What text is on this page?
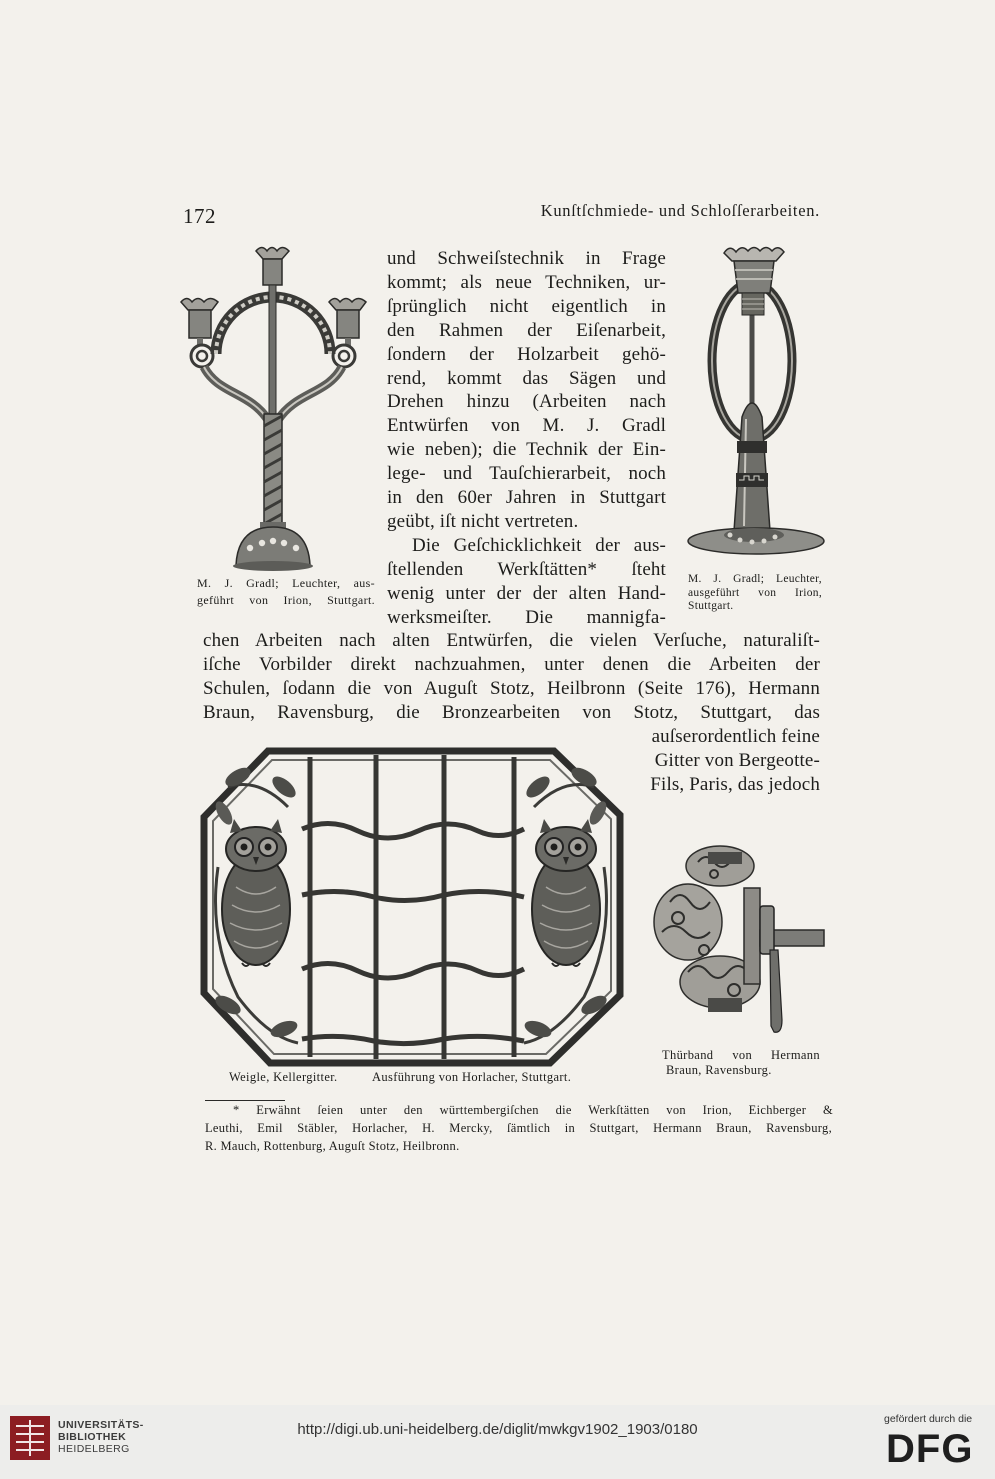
172	Kunſtſchmiede- und Schloſſerarbeiten.
und Schweiſstechnik in Frage
kommt; als neue Techniken, ur-
ſprünglich nicht eigentlich in
den Rahmen der Eiſenarbeit,
ſondern der Holzarbeit gehö-
rend, kommt das Sägen und
Drehen hinzu (Arbeiten nach
Entwürfen von M. J. Gradl
wie neben); die Technik der Ein-
lege- und Tauſchierarbeit, noch
in den 60er Jahren in Stuttgart
geübt, iſt nicht vertreten.
Die Geſchicklichkeit der aus-
ſtellenden Werkſtätten* ſteht
wenig unter der der alten Hand-
werksmeiſter. Die mannigfa-
chen Arbeiten nach alten Entwürfen, die vielen Verſuche, naturaliſt-
iſche Vorbilder direkt nachzuahmen, unter denen die Arbeiten der
Schulen, ſodann die von Auguſt Stotz, Heilbronn (Seite 176), Hermann
Braun, Ravensburg, die Bronzearbeiten von Stotz, Stuttgart, das
auſserordentlich feine
Gitter von Bergeotte-
Fils, Paris, das jedoch
M. J. Gradl; Leuchter, aus-
geführt von Irion, Stuttgart.
M. J. Gradl; Leuchter,
ausgeführt von Irion,
Stuttgart.
Weigle, Kellergitter.	Ausführung von Horlacher, Stuttgart.
Thürband von Hermann
Braun, Ravensburg.
* Erwähnt ſeien unter den württembergiſchen die Werkſtätten von Irion, Eichberger &
Leuthi, Emil Stäbler, Horlacher, H. Mercky, ſämtlich in Stuttgart, Hermann Braun, Ravensburg,
R. Mauch, Rottenburg, Auguſt Stotz, Heilbronn.
UNIVERSITÄTS-
BIBLIOTHEK
HEIDELBERG
http://digi.ub.uni-heidelberg.de/diglit/mwkgv1902_1903/0180
gefördert durch die
DFG
